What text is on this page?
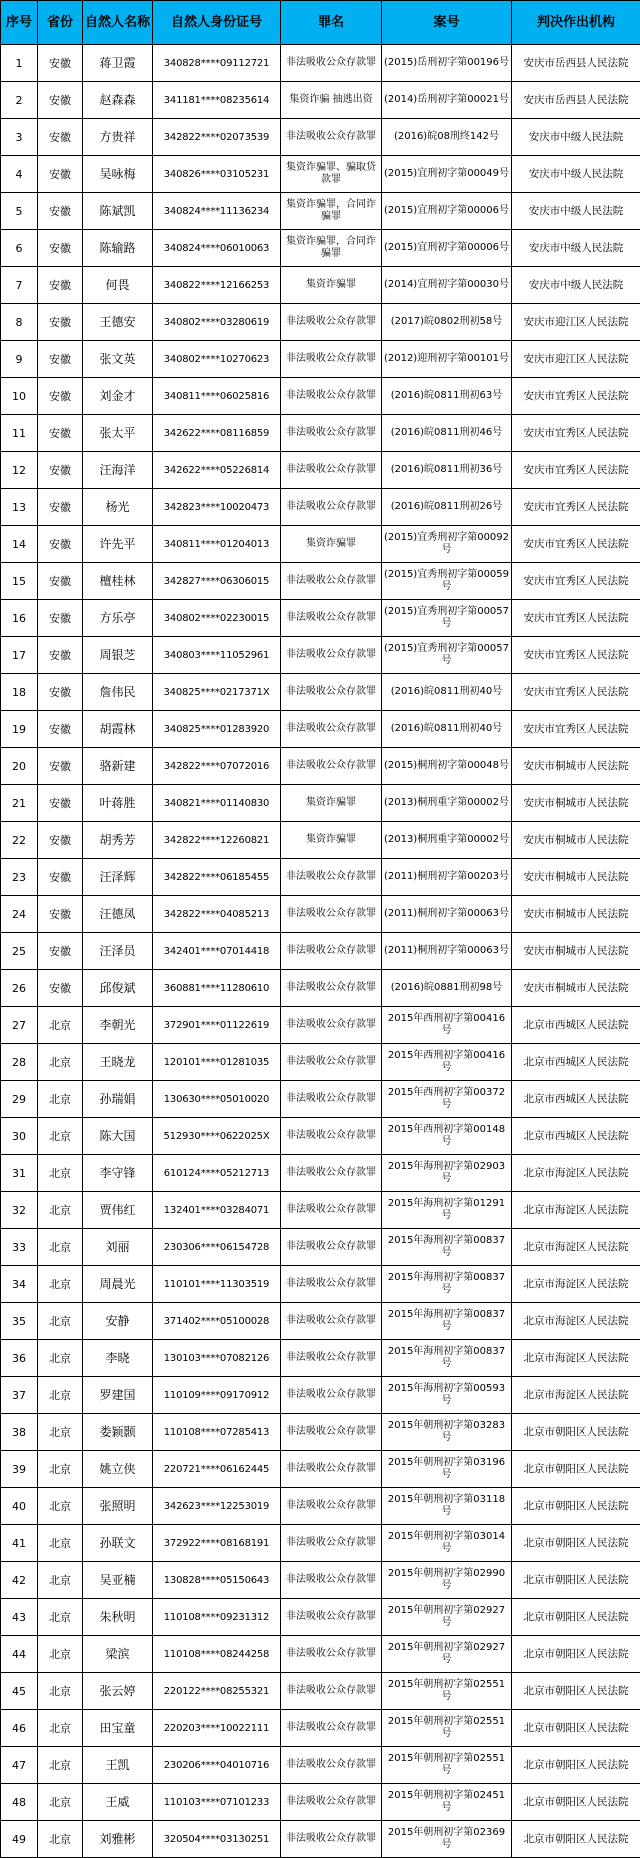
序号	省份	自然人名称	自然人身份证号	罪名	案号	判决作出机构
1	安徽	蒋卫霞	340828****09112721	非法吸收公众存款罪	(2015)岳刑初字第00196号	安庆市岳西县人民法院
2	安徽	赵森森	341181****08235614	集资诈骗 抽逃出资	(2014)岳刑初字第00021号	安庆市岳西县人民法院
3	安徽	方贵祥	342822****02073539	非法吸收公众存款罪	(2016)皖08刑终142号	安庆市中级人民法院
4	安徽	吴咏梅	340826****03105231	集资诈骗罪、骗取贷款罪	(2015)宜刑初字第00049号	安庆市中级人民法院
5	安徽	陈斌凯	340824****11136234	集资诈骗罪，合同诈骗罪	(2015)宜刑初字第00006号	安庆市中级人民法院
6	安徽	陈输路	340824****06010063	集资诈骗罪，合同诈骗罪	(2015)宜刑初字第00006号	安庆市中级人民法院
7	安徽	何畏	340822****12166253	集资诈骗罪	(2014)宜刑初字第00030号	安庆市中级人民法院
8	安徽	王德安	340802****03280619	非法吸收公众存款罪	(2017)皖0802刑初58号	安庆市迎江区人民法院
9	安徽	张文英	340802****10270623	非法吸收公众存款罪	(2012)迎刑初字第00101号	安庆市迎江区人民法院
10	安徽	刘金才	340811****06025816	非法吸收公众存款罪	(2016)皖0811刑初63号	安庆市宜秀区人民法院
11	安徽	张太平	342622****08116859	非法吸收公众存款罪	(2016)皖0811刑初46号	安庆市宜秀区人民法院
12	安徽	汪海洋	342622****05226814	非法吸收公众存款罪	(2016)皖0811刑初36号	安庆市宜秀区人民法院
13	安徽	杨光	342823****10020473	非法吸收公众存款罪	(2016)皖0811刑初26号	安庆市宜秀区人民法院
14	安徽	许先平	340811****01204013	集资诈骗罪	(2015)宜秀刑初字第00092号	安庆市宜秀区人民法院
15	安徽	檀桂林	342827****06306015	非法吸收公众存款罪	(2015)宜秀刑初字第00059号	安庆市宜秀区人民法院
16	安徽	方乐亭	340802****02230015	非法吸收公众存款罪	(2015)宜秀刑初字第00057号	安庆市宜秀区人民法院
17	安徽	周银芝	340803****11052961	非法吸收公众存款罪	(2015)宜秀刑初字第00057号	安庆市宜秀区人民法院
18	安徽	詹伟民	340825****0217371X	非法吸收公众存款罪	(2016)皖0811刑初40号	安庆市宜秀区人民法院
19	安徽	胡霞林	340825****01283920	非法吸收公众存款罪	(2016)皖0811刑初40号	安庆市宜秀区人民法院
20	安徽	骆新建	342822****07072016	非法吸收公众存款罪	(2015)桐刑初字第00048号	安庆市桐城市人民法院
21	安徽	叶蒋胜	340821****01140830	集资诈骗罪	(2013)桐刑重字第00002号	安庆市桐城市人民法院
22	安徽	胡秀芳	342822****12260821	集资诈骗罪	(2013)桐刑重字第00002号	安庆市桐城市人民法院
23	安徽	汪泽辉	342822****06185455	非法吸收公众存款罪	(2011)桐刑初字第00203号	安庆市桐城市人民法院
24	安徽	汪德凤	342822****04085213	非法吸收公众存款罪	(2011)桐刑初字第00063号	安庆市桐城市人民法院
25	安徽	汪泽员	342401****07014418	非法吸收公众存款罪	(2011)桐刑初字第00063号	安庆市桐城市人民法院
26	安徽	邱俊斌	360881****11280610	非法吸收公众存款罪	(2016)皖0881刑初98号	安庆市桐城市人民法院
27	北京	李朝光	372901****01122619	非法吸收公众存款罪	2015年西刑初字第00416号	北京市西城区人民法院
28	北京	王晓龙	120101****01281035	非法吸收公众存款罪	2015年西刑初字第00416号	北京市西城区人民法院
29	北京	孙瑞娟	130630****05010020	非法吸收公众存款罪	2015年西刑初字第00372号	北京市西城区人民法院
30	北京	陈大国	512930****0622025X	非法吸收公众存款罪	2015年西刑初字第00148号	北京市西城区人民法院
31	北京	李守锋	610124****05212713	非法吸收公众存款罪	2015年海刑初字第02903号	北京市海淀区人民法院
32	北京	贾伟红	132401****03284071	非法吸收公众存款罪	2015年海刑初字第01291号	北京市海淀区人民法院
33	北京	刘丽	230306****06154728	非法吸收公众存款罪	2015年海刑初字第00837号	北京市海淀区人民法院
34	北京	周晨光	110101****11303519	非法吸收公众存款罪	2015年海刑初字第00837号	北京市海淀区人民法院
35	北京	安静	371402****05100028	非法吸收公众存款罪	2015年海刑初字第00837号	北京市海淀区人民法院
36	北京	李晓	130103****07082126	非法吸收公众存款罪	2015年海刑初字第00837号	北京市海淀区人民法院
37	北京	罗建国	110109****09170912	非法吸收公众存款罪	2015年海刑初字第00593号	北京市海淀区人民法院
38	北京	娄颖颢	110108****07285413	非法吸收公众存款罪	2015年朝刑初字第03283号	北京市朝阳区人民法院
39	北京	姚立侠	220721****06162445	非法吸收公众存款罪	2015年朝刑初字第03196号	北京市朝阳区人民法院
40	北京	张照明	342623****12253019	非法吸收公众存款罪	2015年朝刑初字第03118号	北京市朝阳区人民法院
41	北京	孙联文	372922****08168191	非法吸收公众存款罪	2015年朝刑初字第03014号	北京市朝阳区人民法院
42	北京	吴亚楠	130828****05150643	非法吸收公众存款罪	2015年朝刑初字第02990号	北京市朝阳区人民法院
43	北京	朱秋明	110108****09231312	非法吸收公众存款罪	2015年朝刑初字第02927号	北京市朝阳区人民法院
44	北京	梁滨	110108****08244258	非法吸收公众存款罪	2015年朝刑初字第02927号	北京市朝阳区人民法院
45	北京	张云婷	220122****08255321	非法吸收公众存款罪	2015年朝刑初字第02551号	北京市朝阳区人民法院
46	北京	田宝童	220203****10022111	非法吸收公众存款罪	2015年朝刑初字第02551号	北京市朝阳区人民法院
47	北京	王凯	230206****04010716	非法吸收公众存款罪	2015年朝刑初字第02551号	北京市朝阳区人民法院
48	北京	王威	110103****07101233	非法吸收公众存款罪	2015年朝刑初字第02451号	北京市朝阳区人民法院
49	北京	刘雅彬	320504****03130251	非法吸收公众存款罪	2015年朝刑初字第02369号	北京市朝阳区人民法院
